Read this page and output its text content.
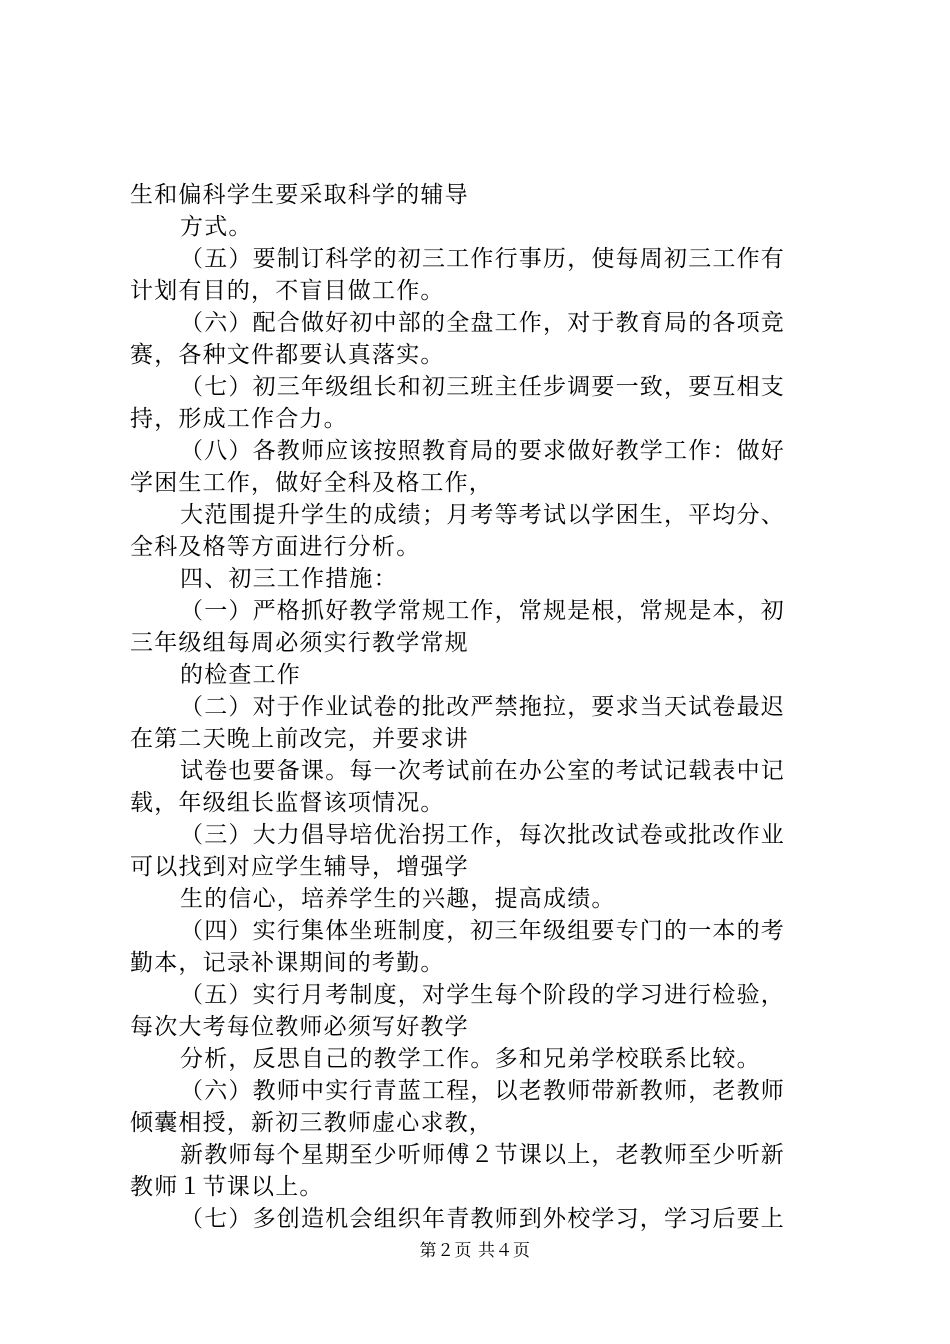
生和偏科学生要采取科学的辅导
方式。
（五）要制订科学的初三工作行事历，使每周初三工作有
计划有目的，不盲目做工作。
（六）配合做好初中部的全盘工作，对于教育局的各项竞
赛，各种文件都要认真落实。
（七）初三年级组长和初三班主任步调要一致，要互相支
持，形成工作合力。
（八）各教师应该按照教育局的要求做好教学工作：做好
学困生工作，做好全科及格工作，
大范围提升学生的成绩；月考等考试以学困生，平均分、
全科及格等方面进行分析。
四、初三工作措施：
（一）严格抓好教学常规工作，常规是根，常规是本，初
三年级组每周必须实行教学常规
的检查工作
（二）对于作业试卷的批改严禁拖拉，要求当天试卷最迟
在第二天晚上前改完，并要求讲
试卷也要备课。每一次考试前在办公室的考试记载表中记
载，年级组长监督该项情况。
（三）大力倡导培优治拐工作，每次批改试卷或批改作业
可以找到对应学生辅导，增强学
生的信心，培养学生的兴趣，提高成绩。
（四）实行集体坐班制度，初三年级组要专门的一本的考
勤本，记录补课期间的考勤。
（五）实行月考制度，对学生每个阶段的学习进行检验，
每次大考每位教师必须写好教学
分析，反思自己的教学工作。多和兄弟学校联系比较。
（六）教师中实行青蓝工程，以老教师带新教师，老教师
倾囊相授，新初三教师虚心求教，
新教师每个星期至少听师傅２节课以上，老教师至少听新
教师１节课以上。
（七）多创造机会组织年青教师到外校学习，学习后要上
第２页 共４页
